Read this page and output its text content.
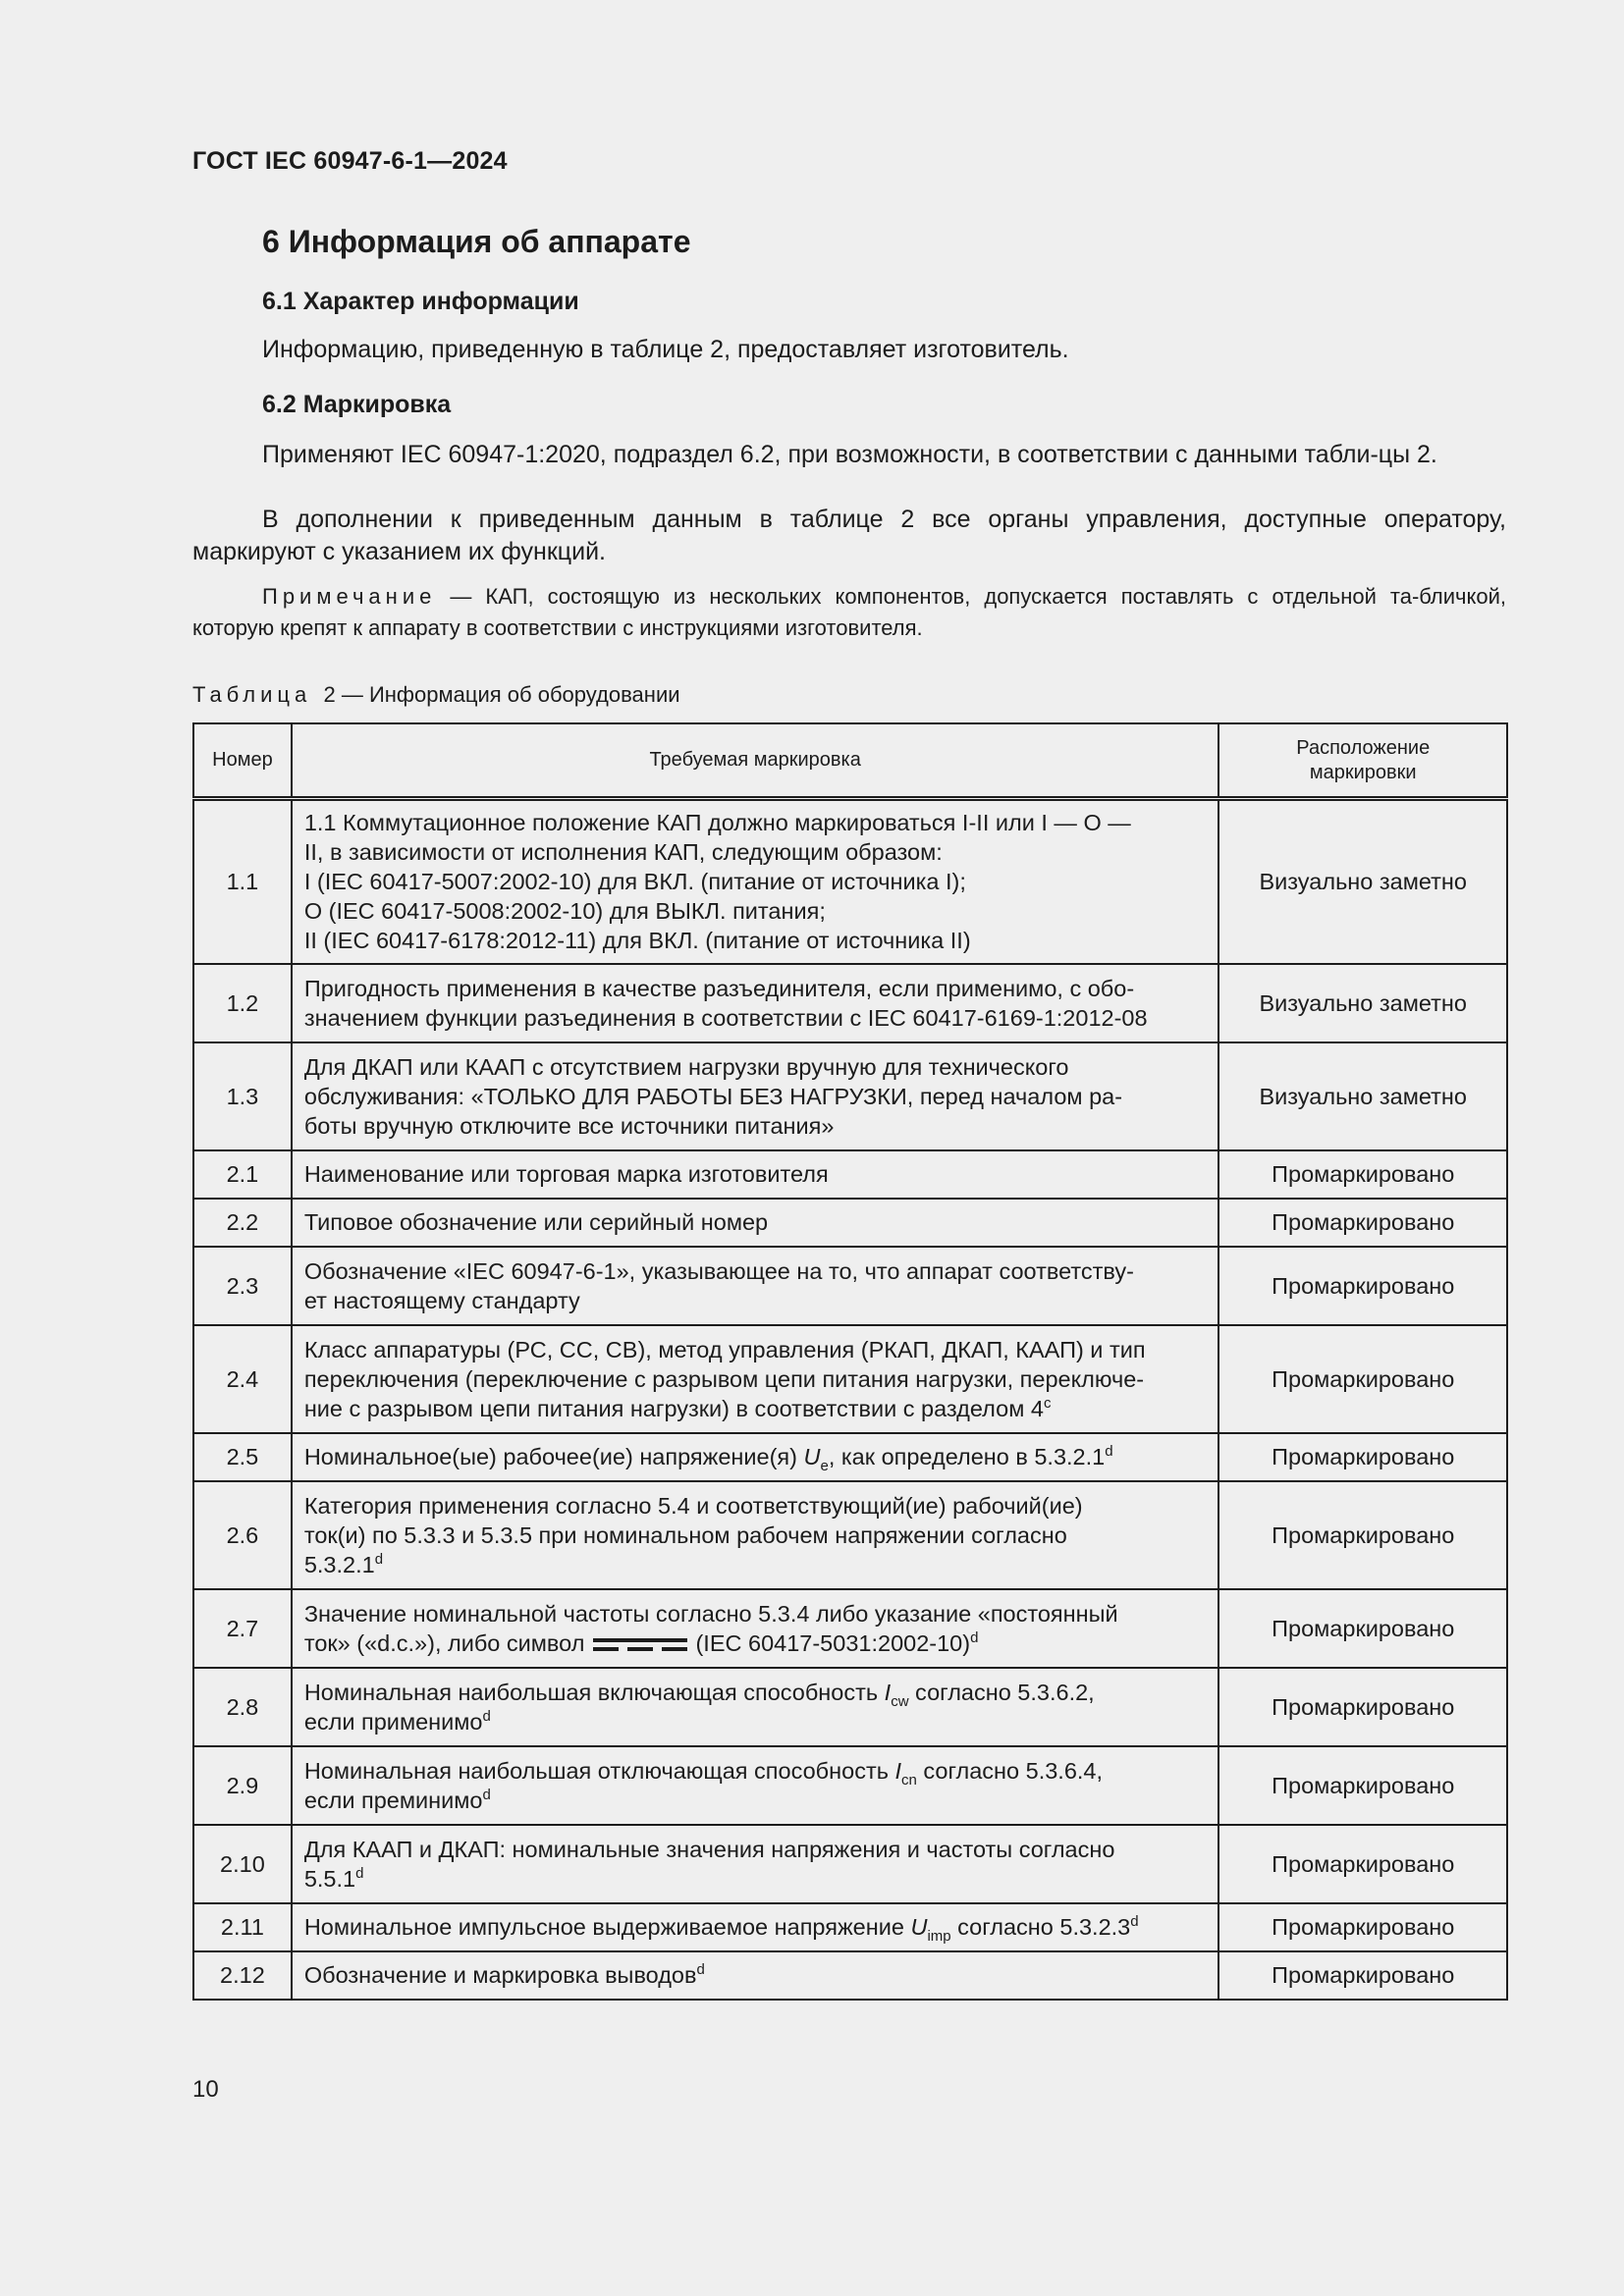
ГОСТ IEC 60947-6-1—2024
6 Информация об аппарате
6.1 Характер информации

Информацию, приведенную в таблице 2, предоставляет изготовитель.

6.2 Маркировка

Применяют IEC 60947-1:2020, подраздел 6.2, при возможности, в соответствии с данными табли-цы 2.

В дополнении к приведенным данным в таблице 2 все органы управления, доступные оператору, маркируют с указанием их функций.

Примечание — КАП, состоящую из нескольких компонентов, допускается поставлять с отдельной та-бличкой, которую крепят к аппарату в соответствии с инструкциями изготовителя.
Таблица 2 — Информация об оборудовании
Номер	Требуемая маркировка	Расположение
маркировки
1.1	1.1 Коммутационное положение КАП должно маркироваться I-II или I — O —
II, в зависимости от исполнения КАП, следующим образом:
I (IEC 60417-5007:2002-10) для ВКЛ. (питание от источника I);
O (IEC 60417-5008:2002-10) для ВЫКЛ. питания;
II (IEC 60417-6178:2012-11) для ВКЛ. (питание от источника II)	Визуально заметно
1.2	Пригодность применения в качестве разъединителя, если применимо, с обо-
значением функции разъединения в соответствии с IEC 60417-6169-1:2012-08	Визуально заметно
1.3	Для ДКАП или КААП с отсутствием нагрузки вручную для технического
обслуживания: «ТОЛЬКО ДЛЯ РАБОТЫ БЕЗ НАГРУЗКИ, перед началом ра-
боты вручную отключите все источники питания»	Визуально заметно
2.1	Наименование или торговая марка изготовителя	Промаркировано
2.2	Типовое обозначение или серийный номер	Промаркировано
2.3	Обозначение «IEC 60947-6-1», указывающее на то, что аппарат соответству-
ет настоящему стандарту	Промаркировано
2.4	Класс аппаратуры (РС, СС, СВ), метод управления (РКАП, ДКАП, КААП) и тип
переключения (переключение с разрывом цепи питания нагрузки, переключе-
ние с разрывом цепи питания нагрузки) в соответствии с разделом 4$^c$	Промаркировано
2.5	Номинальное(ые) рабочее(ие) напряжение(я) $U_e$, как определено в 5.3.2.1$^d$	Промаркировано
2.6	Категория применения согласно 5.4 и соответствующий(ие) рабочий(ие)
ток(и) по 5.3.3 и 5.3.5 при номинальном рабочем напряжении согласно
5.3.2.1$^d$	Промаркировано
2.7	Значение номинальной частоты согласно 5.3.4 либо указание «постоянный
ток» («d.c.»), либо символ (IEC 60417-5031:2002-10)$^d$	Промаркировано
2.8	Номинальная наибольшая включающая способность $I_{cw}$ согласно 5.3.6.2,
если применимо$^d$	Промаркировано
2.9	Номинальная наибольшая отключающая способность $I_{cn}$ согласно 5.3.6.4,
если преминимо$^d$	Промаркировано
2.10	Для КААП и ДКАП: номинальные значения напряжения и частоты согласно
5.5.1$^d$	Промаркировано
2.11	Номинальное импульсное выдерживаемое напряжение $U_{imp}$ согласно 5.3.2.3$^d$	Промаркировано
2.12	Обозначение и маркировка выводов$^d$	Промаркировано
10
